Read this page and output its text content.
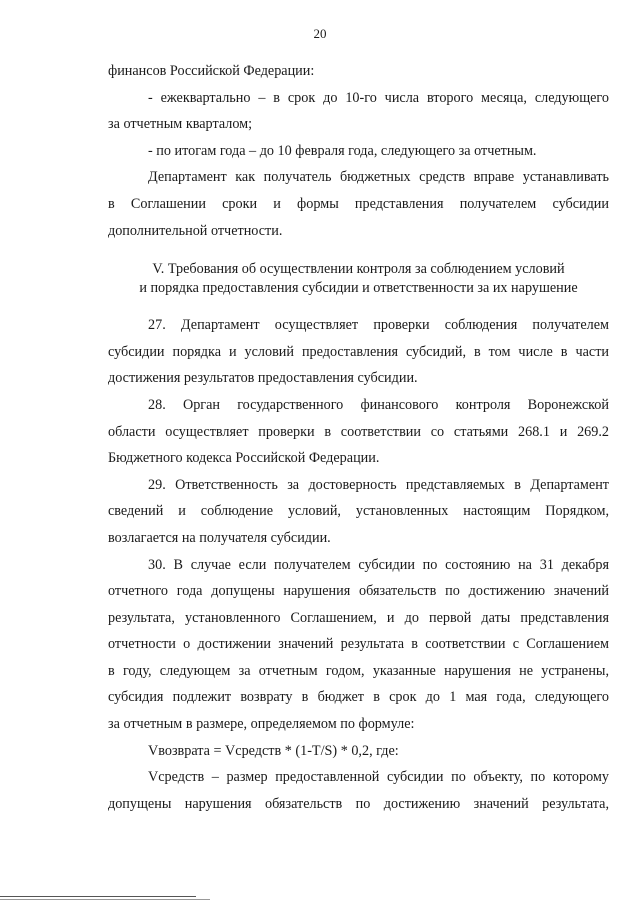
20

финансов Российской Федерации:

- ежеквартально – в срок до 10-го числа второго месяца, следующего
за отчетным кварталом;

- по итогам года – до 10 февраля года, следующего за отчетным.

Департамент как получатель бюджетных средств вправе устанавливать
в Соглашении сроки и формы представления получателем субсидии
дополнительной отчетности.

V. Требования об осуществлении контроля за соблюдением условий
и порядка предоставления субсидии и ответственности за их нарушение

27. Департамент осуществляет проверки соблюдения получателем
субсидии порядка и условий предоставления субсидий, в том числе в части
достижения результатов предоставления субсидии.

28. Орган государственного финансового контроля Воронежской
области осуществляет проверки в соответствии со статьями 268.1 и 269.2
Бюджетного кодекса Российской Федерации.

29. Ответственность за достоверность представляемых в Департамент
сведений и соблюдение условий, установленных настоящим Порядком,
возлагается на получателя субсидии.

30. В случае если получателем субсидии по состоянию на 31 декабря
отчетного года допущены нарушения обязательств по достижению значений
результата, установленного Соглашением, и до первой даты представления
отчетности о достижении значений результата в соответствии с Соглашением
в году, следующем за отчетным годом, указанные нарушения не устранены,
субсидия подлежит возврату в бюджет в срок до 1 мая года, следующего
за отчетным в размере, определяемом по формуле:

Vвозврата = Vсредств * (1-T/S) * 0,2, где:

Vсредств – размер предоставленной субсидии по объекту, по которому
допущены нарушения обязательств по достижению значений результата,
